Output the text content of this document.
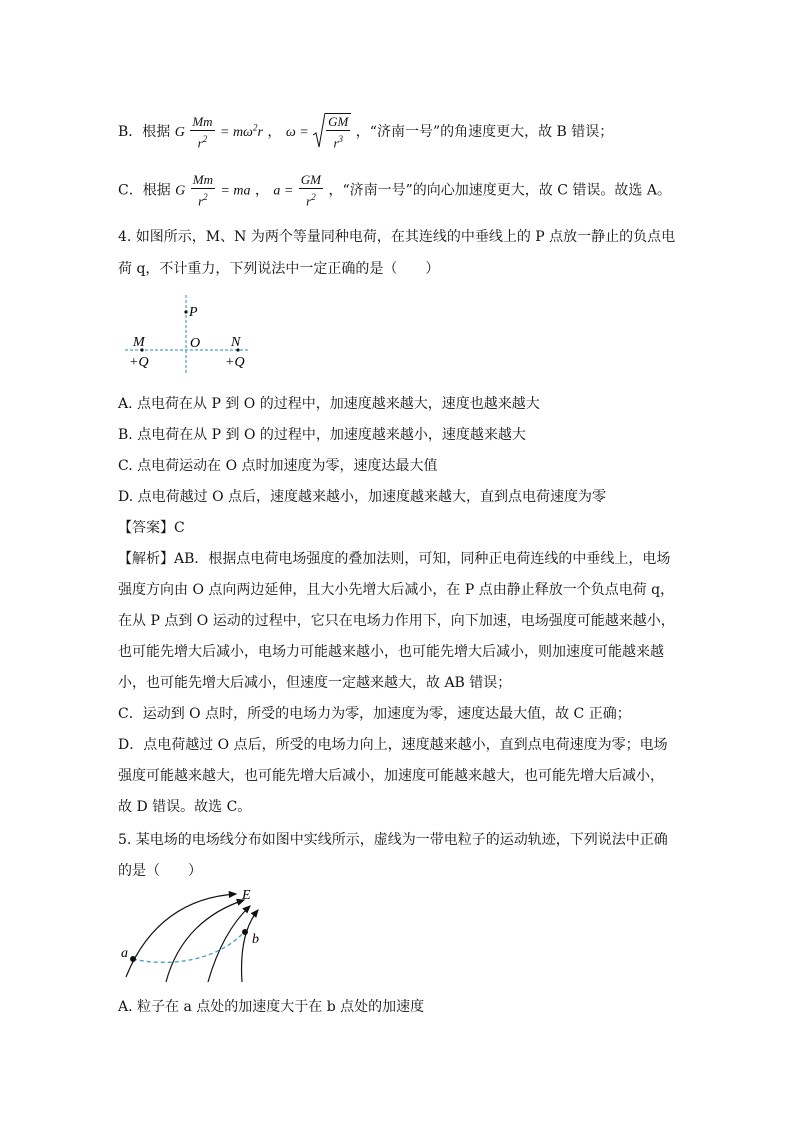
B．根据 G $\frac{Mm}{r^2} = m\omega^2r$ ， $\omega = \frac{GM}{r^3}$ ，“济南一号”的角速度更大，故 B 错误；
C．根据 G $\frac{Mm}{r^2}$ = ma ， $a = \frac{GM}{r^2}$ ，“济南一号”的向心加速度更大，故 C 错误。故选 A。
4. 如图所示，M、N 为两个等量同种电荷，在其连线的中垂线上的 P 点放一静止的负点电
荷 q，不计重力，下列说法中一定正确的是（　　）
P
M	O N
+Q	+Q
A. 点电荷在从 P 到 O 的过程中，加速度越来越大，速度也越来越大
B. 点电荷在从 P 到 O 的过程中，加速度越来越小，速度越来越大
C. 点电荷运动在 O 点时加速度为零，速度达最大值
D. 点电荷越过 O 点后，速度越来越小，加速度越来越大，直到点电荷速度为零
【答案】C
【解析】AB．根据点电荷电场强度的叠加法则，可知，同种正电荷连线的中垂线上，电场
强度方向由 O 点向两边延伸，且大小先增大后减小，在 P 点由静止释放一个负点电荷 q，
在从 P 点到 O 运动的过程中，它只在电场力作用下，向下加速，电场强度可能越来越小，
也可能先增大后减小，电场力可能越来越小，也可能先增大后减小，则加速度可能越来越
小，也可能先增大后减小，但速度一定越来越大，故 AB 错误；
C．运动到 O 点时，所受的电场力为零，加速度为零，速度达最大值，故 C 正确；
D．点电荷越过 O 点后，所受的电场力向上，速度越来越小，直到点电荷速度为零；电场
强度可能越来越大，也可能先增大后减小，加速度可能越来越大，也可能先增大后减小，
故 D 错误。故选 C。
5. 某电场的电场线分布如图中实线所示，虚线为一带电粒子的运动轨迹，下列说法中正确
的是（　　）
E
a
b
A. 粒子在 a 点处的加速度大于在 b 点处的加速度
